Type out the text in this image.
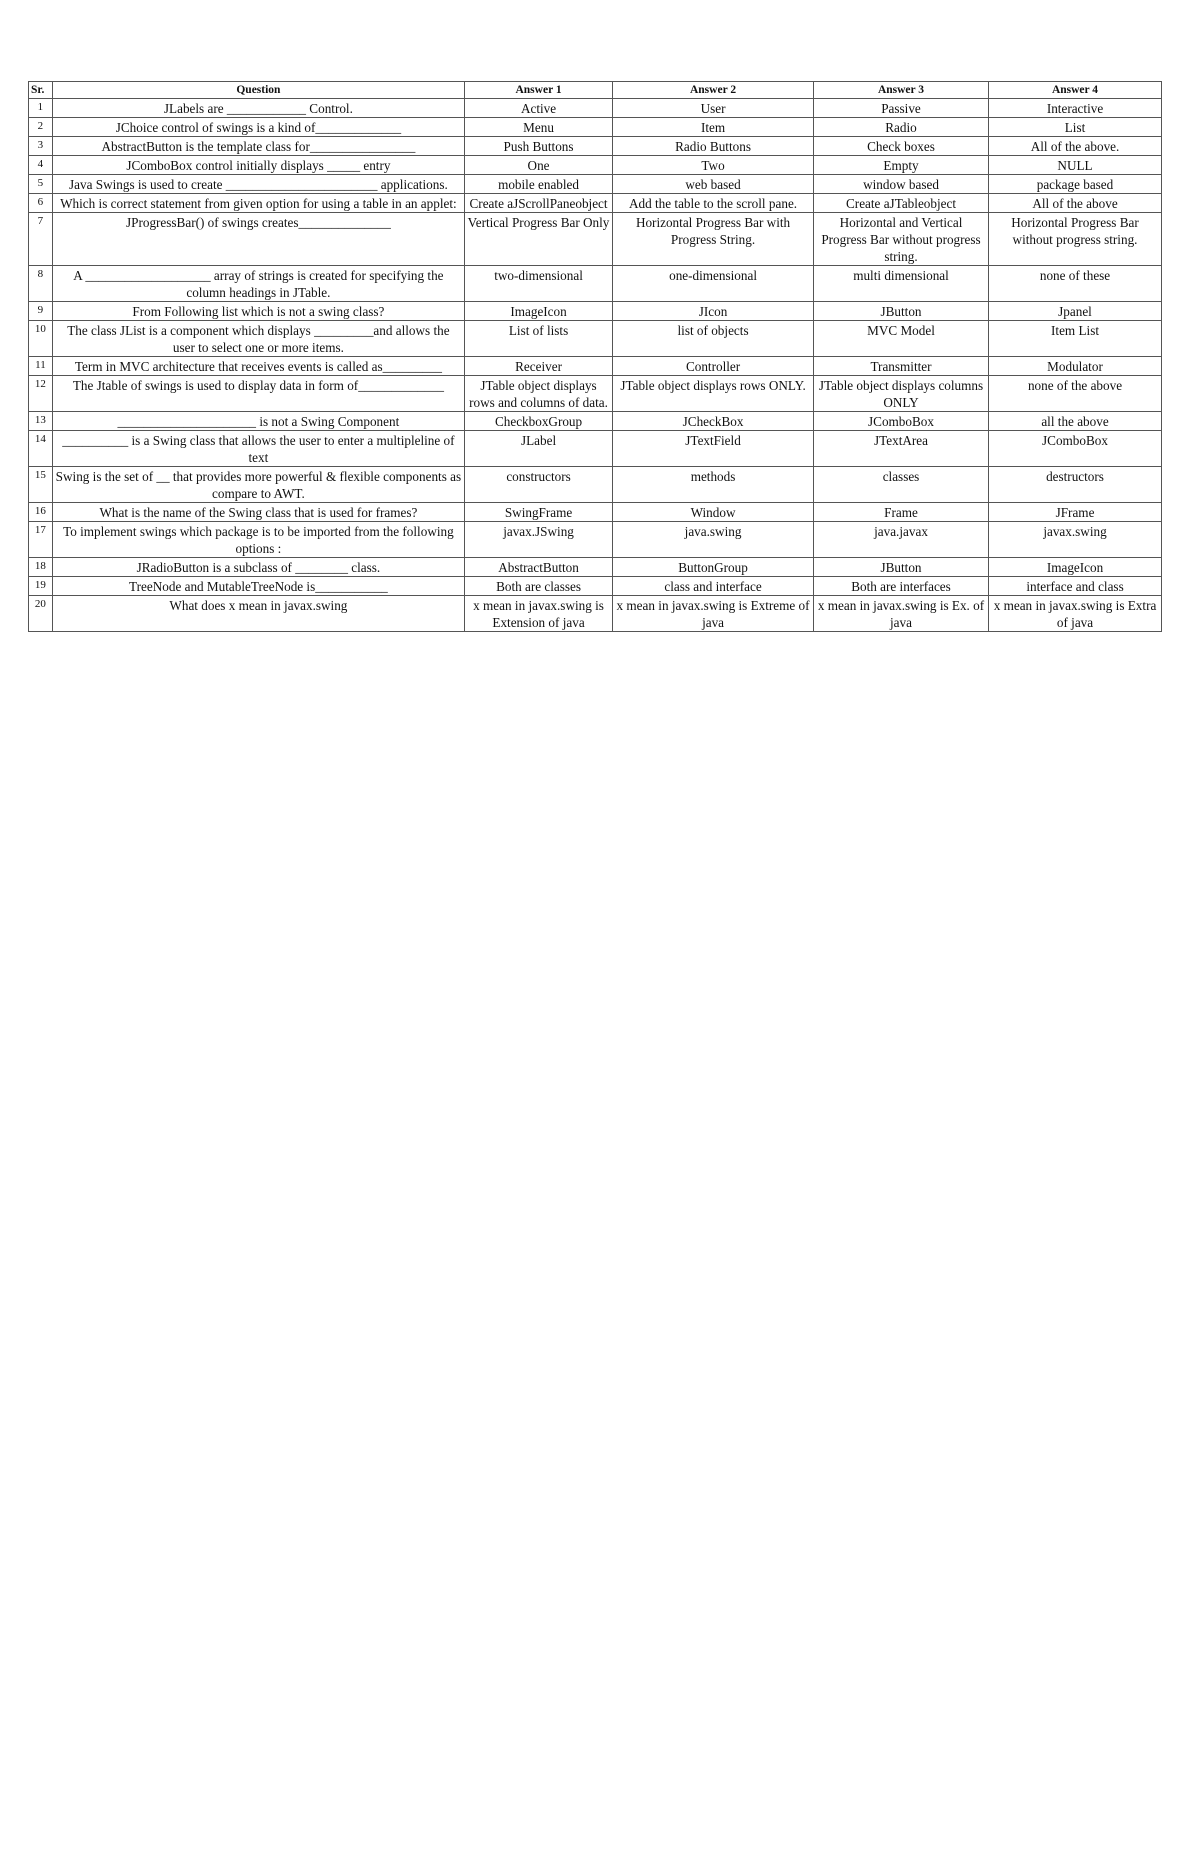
Sr.	Question	Answer 1	Answer 2	Answer 3	Answer 4
1	JLabels are ____________ Control.	Active	User	Passive	Interactive
2	JChoice control of swings is a kind of_____________	Menu	Item	Radio	List
3	AbstractButton is the template class for________________	Push Buttons	Radio Buttons	Check boxes	All of the above.
4	JComboBox control initially displays _____ entry	One	Two	Empty	NULL
5	Java Swings is used to create _______________________ applications.	mobile enabled	web based	window based	package based
6	Which is correct statement from given option for using a table in an applet:	Create aJScrollPaneobject	Add the table to the scroll pane.	Create aJTableobject	All of the above
7	JProgressBar() of swings creates______________	Vertical Progress Bar Only	Horizontal Progress Bar with Progress String.	Horizontal and Vertical Progress Bar without progress string.	Horizontal Progress Bar without progress string.
8	A ___________________ array of strings is created for specifying the column headings in JTable.	two-dimensional	one-dimensional	multi dimensional	none of these
9	From Following list which is not a swing class?	ImageIcon	JIcon	JButton	Jpanel
10	The class JList is a component which displays _________and allows the user to select one or more items.	List of lists	list of objects	MVC Model	Item List
11	Term in MVC architecture that receives events is called as_________	Receiver	Controller	Transmitter	Modulator
12	The Jtable of swings is used to display data in form of_____________	JTable object displays rows and columns of data.	JTable object displays rows ONLY.	JTable object displays columns ONLY	none of the above
13	_____________________ is not a Swing Component	CheckboxGroup	JCheckBox	JComboBox	all the above
14	__________ is a Swing class that allows the user to enter a multipleline of text	JLabel	JTextField	JTextArea	JComboBox
15	Swing is the set of __ that provides more powerful & flexible components as compare to AWT.	constructors	methods	classes	destructors
16	What is the name of the Swing class that is used for frames?	SwingFrame	Window	Frame	JFrame
17	To implement swings which package is to be imported from the following options :	javax.JSwing	java.swing	java.javax	javax.swing
18	JRadioButton is a subclass of ________ class.	AbstractButton	ButtonGroup	JButton	ImageIcon
19	TreeNode and MutableTreeNode is___________	Both are classes	class and interface	Both are interfaces	interface and class
20	What does x mean in javax.swing	x mean in javax.swing is Extension of java	x mean in javax.swing is Extreme of java	x mean in javax.swing is Ex. of java	x mean in javax.swing is Extra of java
